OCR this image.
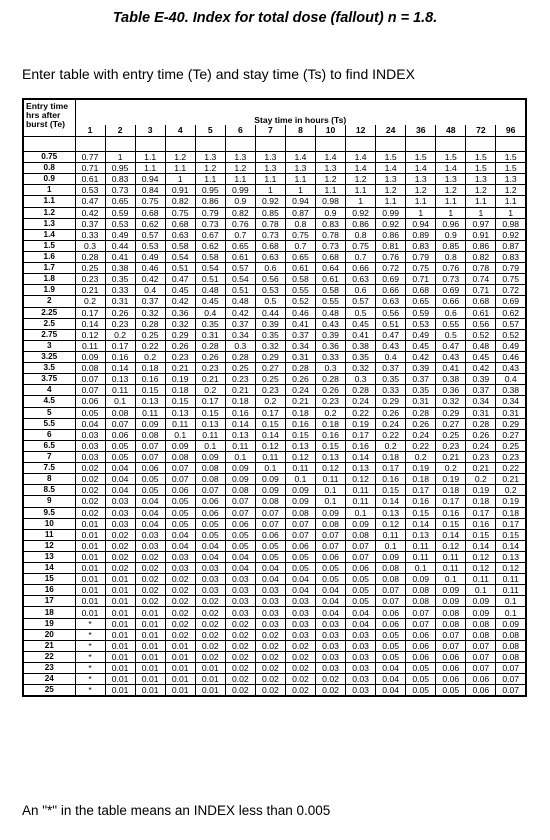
Table E-40. Index for total dose (fallout) n = 1.8.
Enter table with entry time (Te) and stay time (Ts) to find INDEX
Entry time
hrs after
burst (Te)	Stay time in hours (Ts)														
	1	2	3	4	5	6	7	8	10	12	24	36	48	72	96

0.75	0.77	1	1.1	1.2	1.3	1.3	1.3	1.4	1.4	1.4	1.5	1.5	1.5	1.5	1.5
0.8	0.71	0.95	1.1	1.1	1.2	1.2	1.3	1.3	1.3	1.4	1.4	1.4	1.4	1.5	1.5
0.9	0.61	0.83	0.94	1	1.1	1.1	1.1	1.1	1.2	1.2	1.3	1.3	1.3	1.3	1.3
1	0.53	0.73	0.84	0.91	0.95	0.99	1	1	1.1	1.1	1.2	1.2	1.2	1.2	1.2
1.1	0.47	0.65	0.75	0.82	0.86	0.9	0.92	0.94	0.98	1	1.1	1.1	1.1	1.1	1.1
1.2	0.42	0.59	0.68	0.75	0.79	0.82	0.85	0.87	0.9	0.92	0.99	1	1	1	1
1.3	0.37	0.53	0.62	0.68	0.73	0.76	0.78	0.8	0.83	0.86	0.92	0.94	0.96	0.97	0.98
1.4	0.33	0.49	0.57	0.63	0.67	0.7	0.73	0.75	0.78	0.8	0.86	0.89	0.9	0.91	0.92
1.5	0.3	0.44	0.53	0.58	0.62	0.65	0.68	0.7	0.73	0.75	0.81	0.83	0.85	0.86	0.87
1.6	0.28	0.41	0.49	0.54	0.58	0.61	0.63	0.65	0.68	0.7	0.76	0.79	0.8	0.82	0.83
1.7	0.25	0.38	0.46	0.51	0.54	0.57	0.6	0.61	0.64	0.66	0.72	0.75	0.76	0.78	0.79
1.8	0.23	0.35	0.42	0.47	0.51	0.54	0.56	0.58	0.61	0.63	0.69	0.71	0.73	0.74	0.75
1.9	0.21	0.33	0.4	0.45	0.48	0.51	0.53	0.55	0.58	0.6	0.66	0.68	0.69	0.71	0.72
2	0.2	0.31	0.37	0.42	0.45	0.48	0.5	0.52	0.55	0.57	0.63	0.65	0.66	0.68	0.69
2.25	0.17	0.26	0.32	0.36	0.4	0.42	0.44	0.46	0.48	0.5	0.56	0.59	0.6	0.61	0.62
2.5	0.14	0.23	0.28	0.32	0.35	0.37	0.39	0.41	0.43	0.45	0.51	0.53	0.55	0.56	0.57
2.75	0.12	0.2	0.25	0.29	0.31	0.34	0.35	0.37	0.39	0.41	0.47	0.49	0.5	0.52	0.52
3	0.11	0.17	0.22	0.26	0.28	0.3	0.32	0.34	0.36	0.38	0.43	0.45	0.47	0.48	0.49
3.25	0.09	0.16	0.2	0.23	0.26	0.28	0.29	0.31	0.33	0.35	0.4	0.42	0.43	0.45	0.46
3.5	0.08	0.14	0.18	0.21	0.23	0.25	0.27	0.28	0.3	0.32	0.37	0.39	0.41	0.42	0.43
3.75	0.07	0.13	0.16	0.19	0.21	0.23	0.25	0.26	0.28	0.3	0.35	0.37	0.38	0.39	0.4
4	0.07	0.11	0.15	0.18	0.2	0.21	0.23	0.24	0.26	0.28	0.33	0.35	0.36	0.37	0.38
4.5	0.06	0.1	0.13	0.15	0.17	0.18	0.2	0.21	0.23	0.24	0.29	0.31	0.32	0.34	0.34
5	0.05	0.08	0.11	0.13	0.15	0.16	0.17	0.18	0.2	0.22	0.26	0.28	0.29	0.31	0.31
5.5	0.04	0.07	0.09	0.11	0.13	0.14	0.15	0.16	0.18	0.19	0.24	0.26	0.27	0.28	0.29
6	0.03	0.06	0.08	0.1	0.11	0.13	0.14	0.15	0.16	0.17	0.22	0.24	0.25	0.26	0.27
6.5	0.03	0.05	0.07	0.09	0.1	0.11	0.12	0.13	0.15	0.16	0.2	0.22	0.23	0.24	0.25
7	0.03	0.05	0.07	0.08	0.09	0.1	0.11	0.12	0.13	0.14	0.18	0.2	0.21	0.23	0.23
7.5	0.02	0.04	0.06	0.07	0.08	0.09	0.1	0.11	0.12	0.13	0.17	0.19	0.2	0.21	0.22
8	0.02	0.04	0.05	0.07	0.08	0.09	0.09	0.1	0.11	0.12	0.16	0.18	0.19	0.2	0.21
8.5	0.02	0.04	0.05	0.06	0.07	0.08	0.09	0.09	0.1	0.11	0.15	0.17	0.18	0.19	0.2
9	0.02	0.03	0.04	0.05	0.06	0.07	0.08	0.09	0.1	0.11	0.14	0.16	0.17	0.18	0.19
9.5	0.02	0.03	0.04	0.05	0.06	0.07	0.07	0.08	0.09	0.1	0.13	0.15	0.16	0.17	0.18
10	0.01	0.03	0.04	0.05	0.05	0.06	0.07	0.07	0.08	0.09	0.12	0.14	0.15	0.16	0.17
11	0.01	0.02	0.03	0.04	0.05	0.05	0.06	0.07	0.07	0.08	0.11	0.13	0.14	0.15	0.15
12	0.01	0.02	0.03	0.04	0.04	0.05	0.05	0.06	0.07	0.07	0.1	0.11	0.12	0.14	0.14
13	0.01	0.02	0.02	0.03	0.04	0.04	0.05	0.05	0.06	0.07	0.09	0.11	0.11	0.12	0.13
14	0.01	0.02	0.02	0.03	0.03	0.04	0.04	0.05	0.05	0.06	0.08	0.1	0.11	0.12	0.12
15	0.01	0.01	0.02	0.02	0.03	0.03	0.04	0.04	0.05	0.05	0.08	0.09	0.1	0.11	0.11
16	0.01	0.01	0.02	0.02	0.03	0.03	0.03	0.04	0.04	0.05	0.07	0.08	0.09	0.1	0.11
17	0.01	0.01	0.02	0.02	0.02	0.03	0.03	0.03	0.04	0.05	0.07	0.08	0.09	0.09	0.1
18	0.01	0.01	0.01	0.02	0.02	0.03	0.03	0.03	0.04	0.04	0.06	0.07	0.08	0.09	0.1
19	*	0.01	0.01	0.02	0.02	0.02	0.03	0.03	0.03	0.04	0.06	0.07	0.08	0.08	0.09
20	*	0.01	0.01	0.02	0.02	0.02	0.02	0.03	0.03	0.03	0.05	0.06	0.07	0.08	0.08
21	*	0.01	0.01	0.01	0.02	0.02	0.02	0.02	0.03	0.03	0.05	0.06	0.07	0.07	0.08
22	*	0.01	0.01	0.01	0.02	0.02	0.02	0.02	0.03	0.03	0.05	0.06	0.06	0.07	0.08
23	*	0.01	0.01	0.01	0.01	0.02	0.02	0.02	0.03	0.03	0.04	0.05	0.06	0.07	0.07
24	*	0.01	0.01	0.01	0.01	0.02	0.02	0.02	0.02	0.03	0.04	0.05	0.06	0.06	0.07
25	*	0.01	0.01	0.01	0.01	0.02	0.02	0.02	0.02	0.03	0.04	0.05	0.05	0.06	0.07
An "*" in the table means an INDEX less than 0.005
